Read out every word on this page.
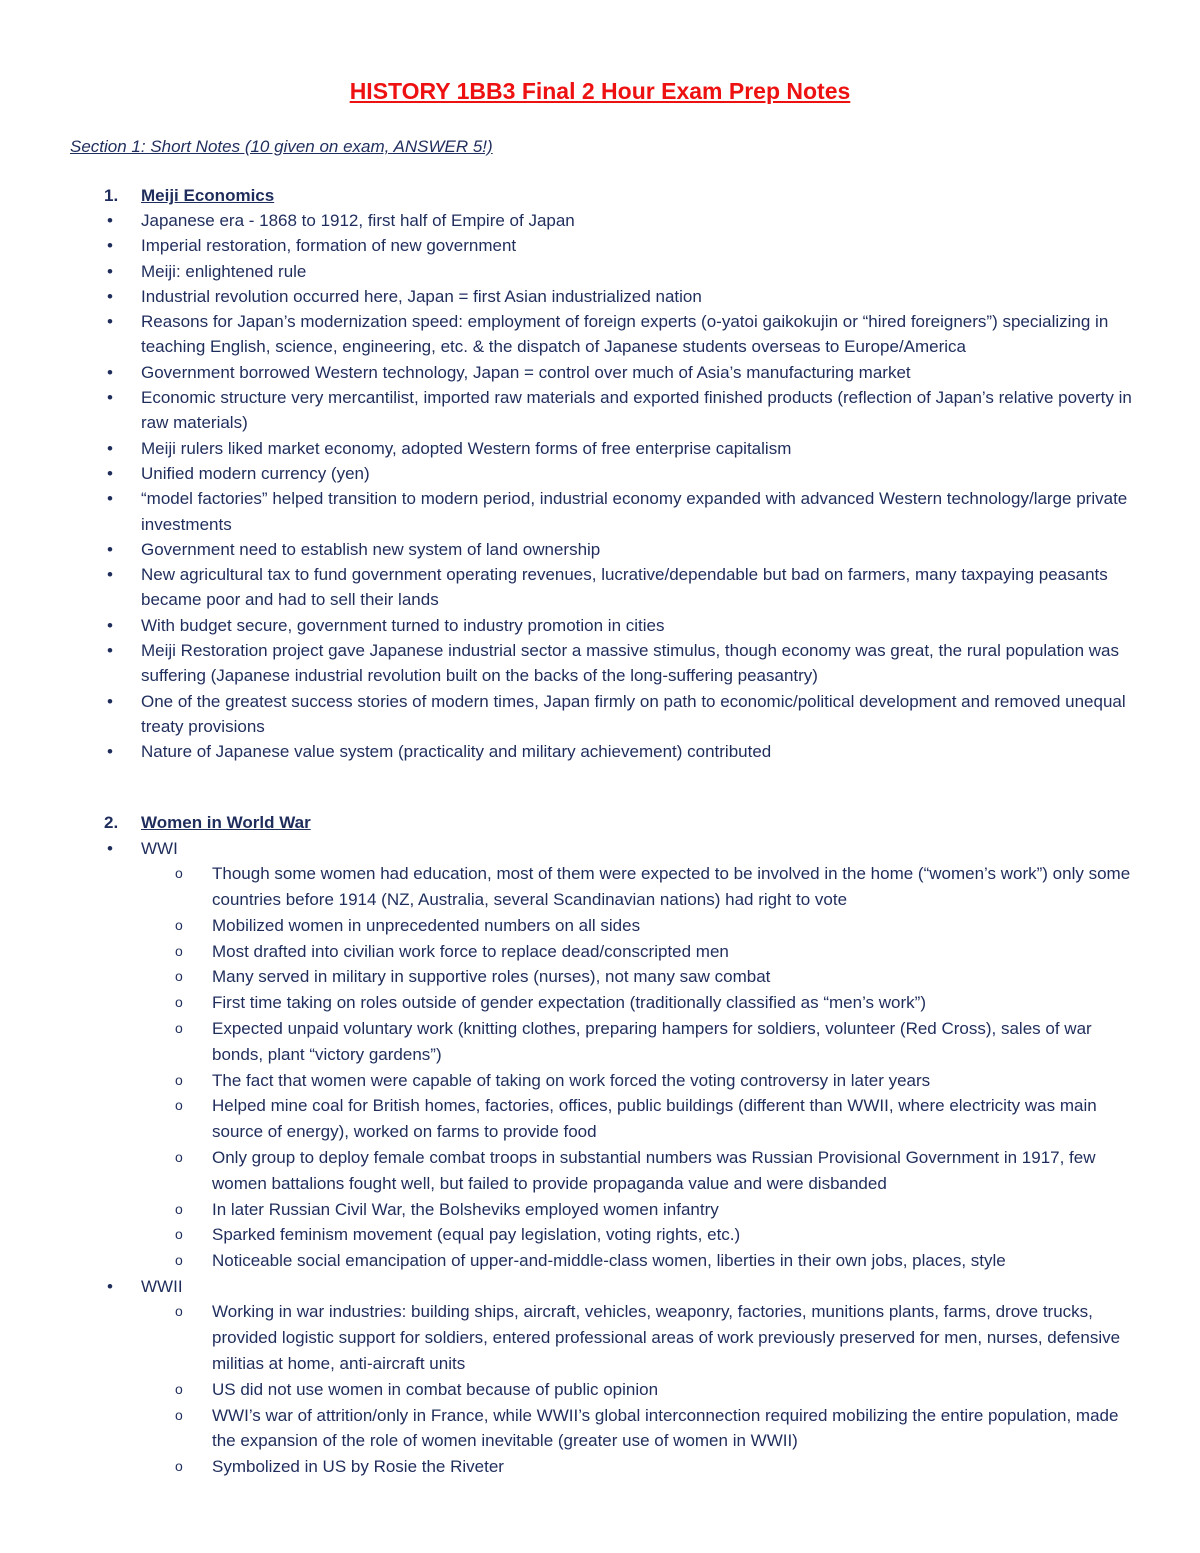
HISTORY 1BB3 Final 2 Hour Exam Prep Notes
Section 1: Short Notes (10 given on exam, ANSWER 5!)
1. Meiji Economics
• Japanese era - 1868 to 1912, first half of Empire of Japan
• Imperial restoration, formation of new government
• Meiji: enlightened rule
• Industrial revolution occurred here, Japan = first Asian industrialized nation
• Reasons for Japan’s modernization speed: employment of foreign experts (o-yatoi gaikokujin or “hired foreigners”) specializing in teaching English, science, engineering, etc. & the dispatch of Japanese students overseas to Europe/America
• Government borrowed Western technology, Japan = control over much of Asia’s manufacturing market
• Economic structure very mercantilist, imported raw materials and exported finished products (reflection of Japan’s relative poverty in raw materials)
• Meiji rulers liked market economy, adopted Western forms of free enterprise capitalism
• Unified modern currency (yen)
• “model factories” helped transition to modern period, industrial economy expanded with advanced Western technology/large private investments
• Government need to establish new system of land ownership
• New agricultural tax to fund government operating revenues, lucrative/dependable but bad on farmers, many taxpaying peasants became poor and had to sell their lands
• With budget secure, government turned to industry promotion in cities
• Meiji Restoration project gave Japanese industrial sector a massive stimulus, though economy was great, the rural population was suffering (Japanese industrial revolution built on the backs of the long-suffering peasantry)
• One of the greatest success stories of modern times, Japan firmly on path to economic/political development and removed unequal treaty provisions
• Nature of Japanese value system (practicality and military achievement) contributed
2. Women in World War
• WWI
o Though some women had education, most of them were expected to be involved in the home (“women’s work”) only some countries before 1914 (NZ, Australia, several Scandinavian nations) had right to vote
o Mobilized women in unprecedented numbers on all sides
o Most drafted into civilian work force to replace dead/conscripted men
o Many served in military in supportive roles (nurses), not many saw combat
o First time taking on roles outside of gender expectation (traditionally classified as “men’s work”)
o Expected unpaid voluntary work (knitting clothes, preparing hampers for soldiers, volunteer (Red Cross), sales of war bonds, plant “victory gardens”)
o The fact that women were capable of taking on work forced the voting controversy in later years
o Helped mine coal for British homes, factories, offices, public buildings (different than WWII, where electricity was main source of energy), worked on farms to provide food
o Only group to deploy female combat troops in substantial numbers was Russian Provisional Government in 1917, few women battalions fought well, but failed to provide propaganda value and were disbanded
o In later Russian Civil War, the Bolsheviks employed women infantry
o Sparked feminism movement (equal pay legislation, voting rights, etc.)
o Noticeable social emancipation of upper-and-middle-class women, liberties in their own jobs, places, style
• WWII
o Working in war industries: building ships, aircraft, vehicles, weaponry, factories, munitions plants, farms, drove trucks, provided logistic support for soldiers, entered professional areas of work previously preserved for men, nurses, defensive militias at home, anti-aircraft units
o US did not use women in combat because of public opinion
o WWI’s war of attrition/only in France, while WWII’s global interconnection required mobilizing the entire population, made the expansion of the role of women inevitable (greater use of women in WWII)
o Symbolized in US by Rosie the Riveter
